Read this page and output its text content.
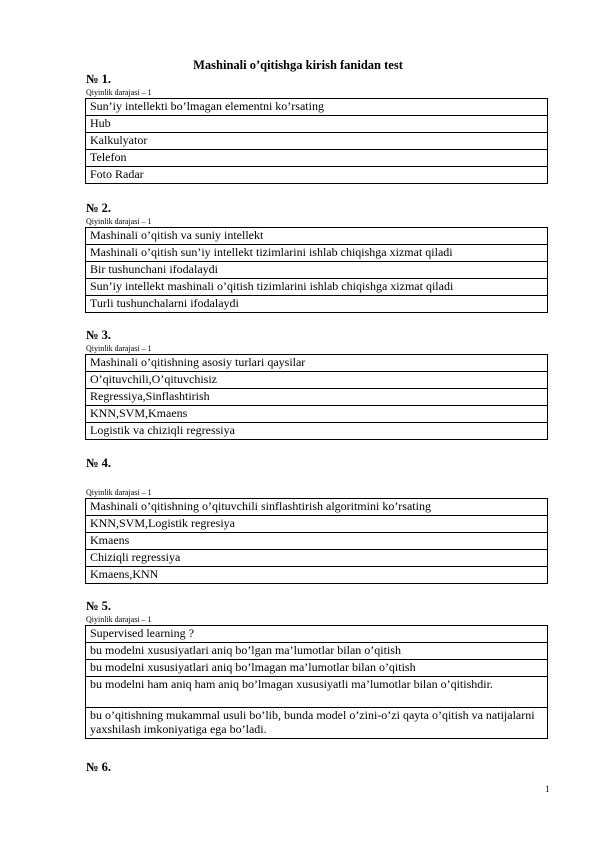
Mashinali o’qitishga kirish fanidan test
№ 1.
Qiyinlik darajasi – 1
Sun’iy intellekti bo’lmagan elementni ko’rsating
Hub
Kalkulyator
Telefon
Foto Radar
№ 2.
Qiyinlik darajasi – 1
Mashinali o’qitish va suniy intellekt
Mashinali o’qitish sun’iy intellekt tizimlarini ishlab chiqishga xizmat qiladi
Bir tushunchani ifodalaydi
Sun’iy intellekt mashinali o’qitish tizimlarini ishlab chiqishga xizmat qiladi
Turli tushunchalarni ifodalaydi
№ 3.
Qiyinlik darajasi – 1
Mashinali o’qitishning asosiy turlari qaysilar
O’qituvchili,O’qituvchisiz
Regressiya,Sinflashtirish
KNN,SVM,Kmaens
Logistik va chiziqli regressiya
№ 4.
Qiyinlik darajasi – 1
Mashinali o’qitishning o’qituvchili sinflashtirish algoritmini ko’rsating
KNN,SVM,Logistik regresiya
Kmaens
Chiziqli regressiya
Kmaens,KNN
№ 5.
Qiyinlik darajasi – 1
Supervised learning ?
bu modelni xususiyatlari aniq bo’lgan ma’lumotlar bilan o’qitish
bu modelni xususiyatlari aniq bo’lmagan ma’lumotlar bilan o’qitish
bu modelni ham aniq ham aniq bo’lmagan xususiyatli ma’lumotlar bilan o’qitishdir.
bu o’qitishning mukammal usuli bo’lib, bunda model o’zini-o’zi qayta o’qitish va natijalarni yaxshilash imkoniyatiga ega bo’ladi.
№ 6.
1
